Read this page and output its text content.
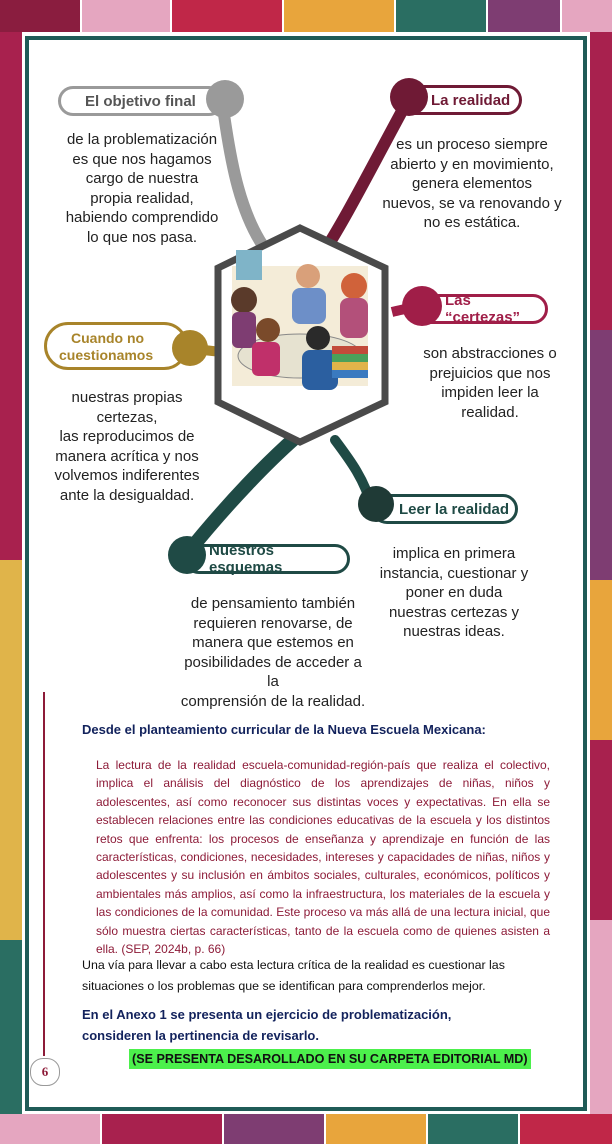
El objetivo final
de la problematización
es que nos hagamos
cargo de nuestra
propia realidad,
habiendo comprendido
lo que nos pasa.
La realidad
es un proceso siempre
abierto y en movimiento,
genera elementos
nuevos, se va renovando y
no es estática.
Cuando no
cuestionamos
nuestras propias certezas,
las reproducimos de
manera acrítica y nos
volvemos indiferentes
ante la desigualdad.
Las “certezas”
son abstracciones o
prejuicios que nos
impiden leer la
realidad.
Leer la realidad
implica en primera
instancia, cuestionar y
poner en duda
nuestras certezas y
nuestras ideas.
Nuestros esquemas
de pensamiento también
requieren renovarse, de
manera que estemos en
posibilidades de acceder a la
comprensión de la realidad.
Desde el planteamiento curricular de la Nueva Escuela Mexicana:
La lectura de la realidad escuela-comunidad-región-país que realiza el colectivo, implica el análisis del diagnóstico de los aprendizajes de niñas, niños y adolescentes, así como reconocer sus distintas voces y expectativas. En ella se establecen relaciones entre las condiciones educativas de la escuela y los distintos retos que enfrenta: los procesos de enseñanza y aprendizaje en función de las características, condiciones, necesidades, intereses y capacidades de niñas, niños y adolescentes y su inclusión en ámbitos sociales, culturales, económicos, políticos y ambientales más amplios, así como la infraestructura, los materiales de la escuela y las condiciones de la comunidad. Este proceso va más allá de una lectura inicial, que sólo muestra ciertas características, tanto de la escuela como de quienes asisten a ella. (SEP, 2024b, p. 66)
Una vía para llevar a cabo esta lectura crítica de la realidad es cuestionar las situaciones o los problemas que se identifican para comprenderlos mejor.
En el Anexo 1 se presenta un ejercicio de problematización, consideren la pertinencia de revisarlo.
(SE PRESENTA DESAROLLADO EN SU CARPETA EDITORIAL MD)
6
